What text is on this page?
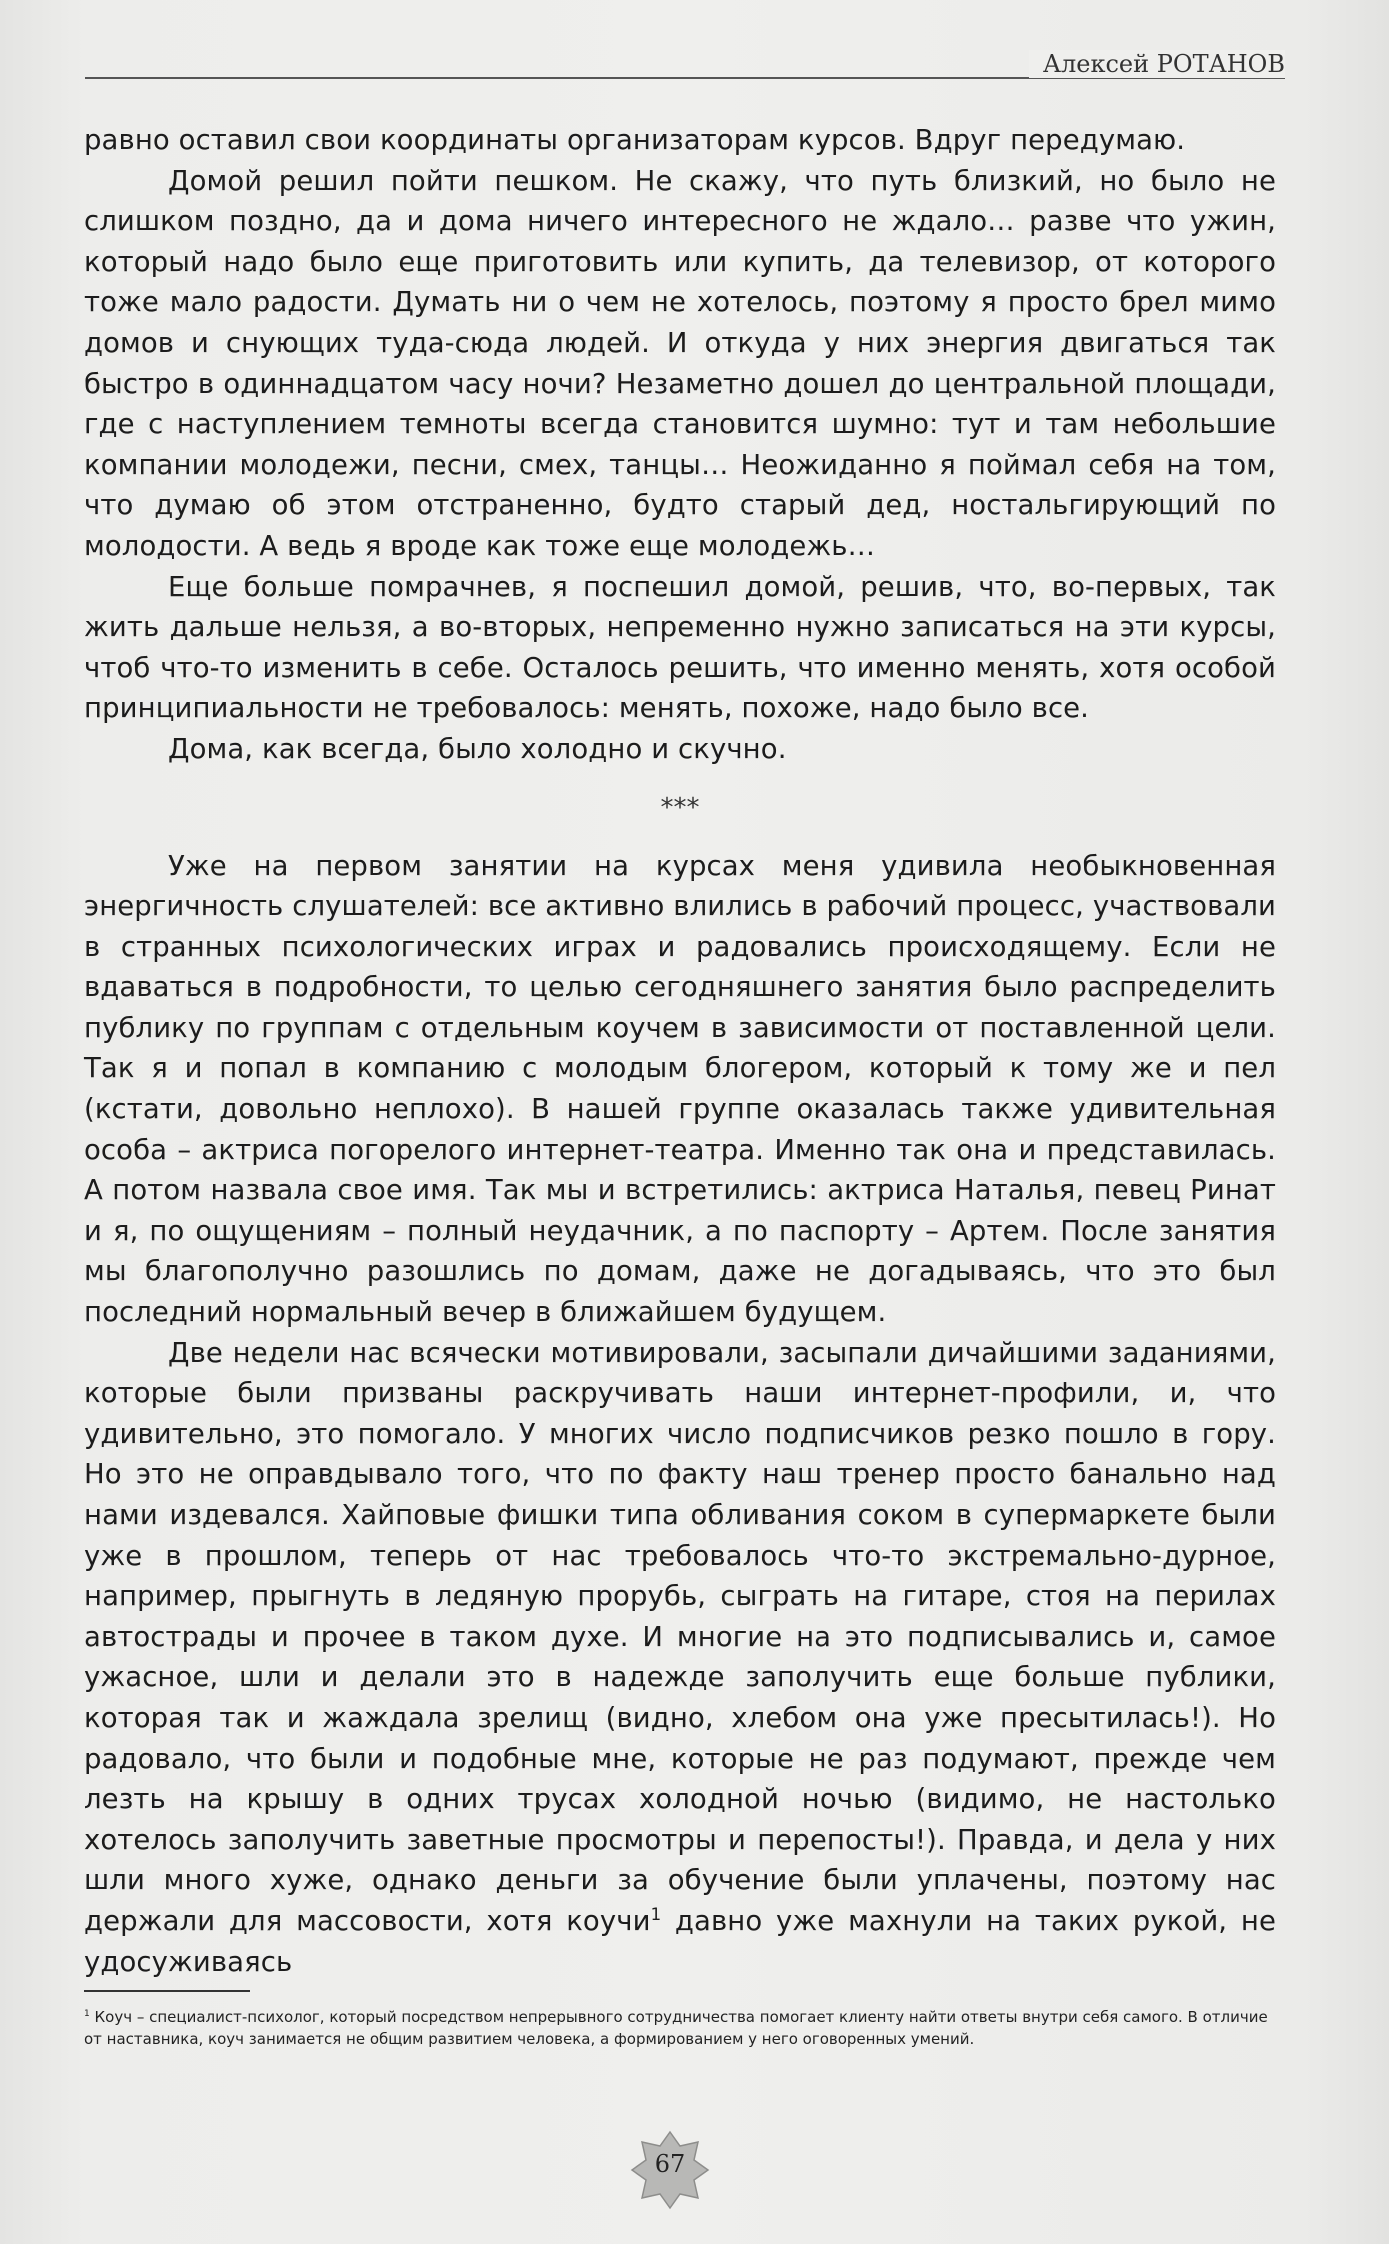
Алексей РОТАНОВ

равно оставил свои координаты организаторам курсов. Вдруг передумаю.

Домой решил пойти пешком. Не скажу, что путь близкий, но было не слишком поздно, да и дома ничего интересного не ждало… разве что ужин, который надо было еще приготовить или купить, да телевизор, от которого тоже мало радости. Думать ни о чем не хотелось, поэтому я просто брел мимо домов и снующих туда-сюда людей. И откуда у них энергия двигаться так быстро в одиннадцатом часу ночи? Незаметно дошел до центральной площади, где с наступлением темноты всегда становится шумно: тут и там небольшие компании молодежи, песни, смех, танцы… Неожиданно я поймал себя на том, что думаю об этом отстраненно, будто старый дед, ностальгирующий по молодости. А ведь я вроде как тоже еще молодежь…

Еще больше помрачнев, я поспешил домой, решив, что, во-первых, так жить дальше нельзя, а во-вторых, непременно нужно записаться на эти курсы, чтоб что-то изменить в себе. Осталось решить, что именно менять, хотя особой принципиальности не требовалось: менять, похоже, надо было все.

Дома, как всегда, было холодно и скучно.

***

Уже на первом занятии на курсах меня удивила необыкновенная энергичность слушателей: все активно влились в рабочий процесс, участвовали в странных психологических играх и радовались происходящему. Если не вдаваться в подробности, то целью сегодняшнего занятия было распределить публику по группам с отдельным коучем в зависимости от поставленной цели. Так я и попал в компанию с молодым блогером, который к тому же и пел (кстати, довольно неплохо). В нашей группе оказалась также удивительная особа – актриса погорелого интернет-театра. Именно так она и представилась. А потом назвала свое имя. Так мы и встретились: актриса Наталья, певец Ринат и я, по ощущениям – полный неудачник, а по паспорту – Артем. После занятия мы благополучно разошлись по домам, даже не догадываясь, что это был последний нормальный вечер в ближайшем будущем.

Две недели нас всячески мотивировали, засыпали дичайшими заданиями, которые были призваны раскручивать наши интернет-профили, и, что удивительно, это помогало. У многих число подписчиков резко пошло в гору. Но это не оправдывало того, что по факту наш тренер просто банально над нами издевался. Хайповые фишки типа обливания соком в супермаркете были уже в прошлом, теперь от нас требовалось что-то экстремально-дурное, например, прыгнуть в ледяную прорубь, сыграть на гитаре, стоя на перилах автострады и прочее в таком духе. И многие на это подписывались и, самое ужасное, шли и делали это в надежде заполучить еще больше публики, которая так и жаждала зрелищ (видно, хлебом она уже пресытилась!). Но радовало, что были и подобные мне, которые не раз подумают, прежде чем лезть на крышу в одних трусах холодной ночью (видимо, не настолько хотелось заполучить заветные просмотры и перепосты!). Правда, и дела у них шли много хуже, однако деньги за обучение были уплачены, поэтому нас держали для массовости, хотя коучи$^1$ давно уже махнули на таких рукой, не удосуживаясь

$^1$ Коуч – специалист-психолог, который посредством непрерывного сотрудничества помогает клиенту найти ответы внутри себя самого. В отличие от наставника, коуч занимается не общим развитием человека, а формированием у него оговоренных умений.

67
